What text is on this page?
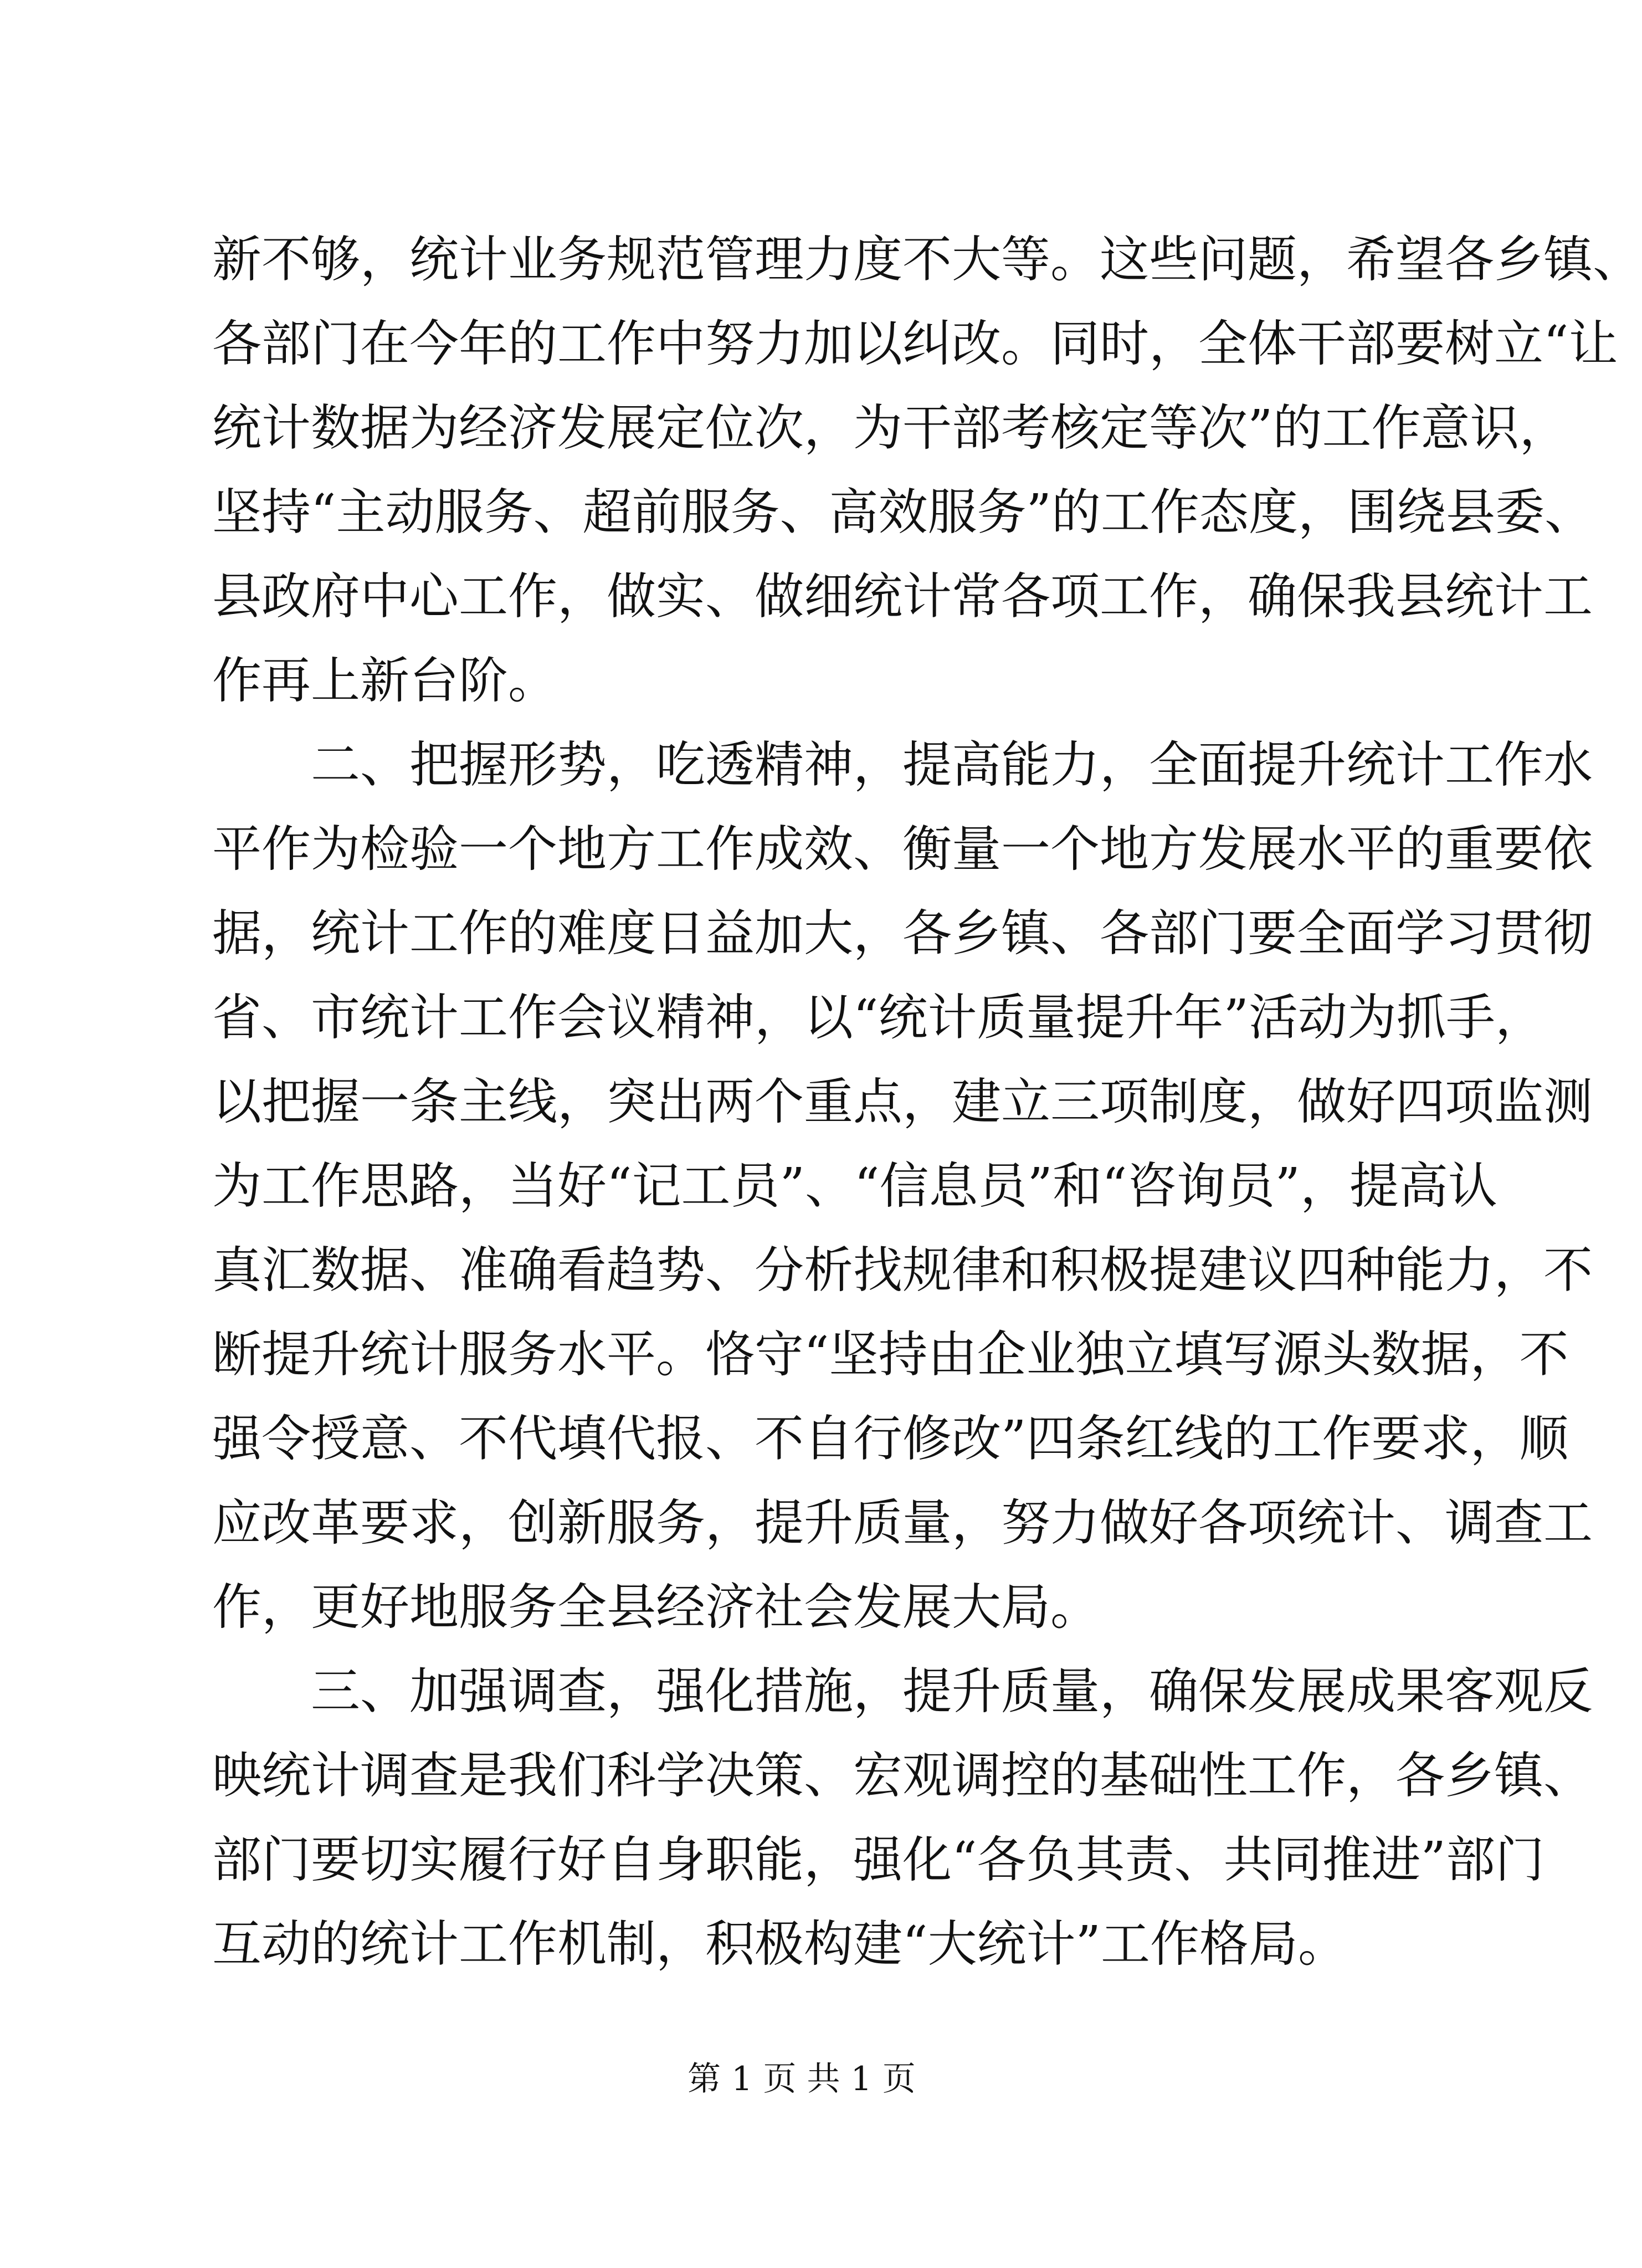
新不够，统计业务规范管理力度不大等。这些问题，希望各乡镇、
各部门在今年的工作中努力加以纠改。同时，全体干部要树立“让
统计数据为经济发展定位次，为干部考核定等次”的工作意识，
坚持“主动服务、超前服务、高效服务”的工作态度，围绕县委、
县政府中心工作，做实、做细统计常各项工作，确保我县统计工
作再上新台阶。
二、把握形势，吃透精神，提高能力，全面提升统计工作水
平作为检验一个地方工作成效、衡量一个地方发展水平的重要依
据，统计工作的难度日益加大，各乡镇、各部门要全面学习贯彻
省、市统计工作会议精神，以“统计质量提升年”活动为抓手，
以把握一条主线，突出两个重点，建立三项制度，做好四项监测
为工作思路，当好“记工员”、“信息员”和“咨询员”，提高认
真汇数据、准确看趋势、分析找规律和积极提建议四种能力，不
断提升统计服务水平。恪守“坚持由企业独立填写源头数据，不
强令授意、不代填代报、不自行修改”四条红线的工作要求，顺
应改革要求，创新服务，提升质量，努力做好各项统计、调查工
作，更好地服务全县经济社会发展大局。
三、加强调查，强化措施，提升质量，确保发展成果客观反
映统计调查是我们科学决策、宏观调控的基础性工作，各乡镇、
部门要切实履行好自身职能，强化“各负其责、共同推进”部门
互动的统计工作机制，积极构建“大统计”工作格局。
第 1 页 共 1 页
